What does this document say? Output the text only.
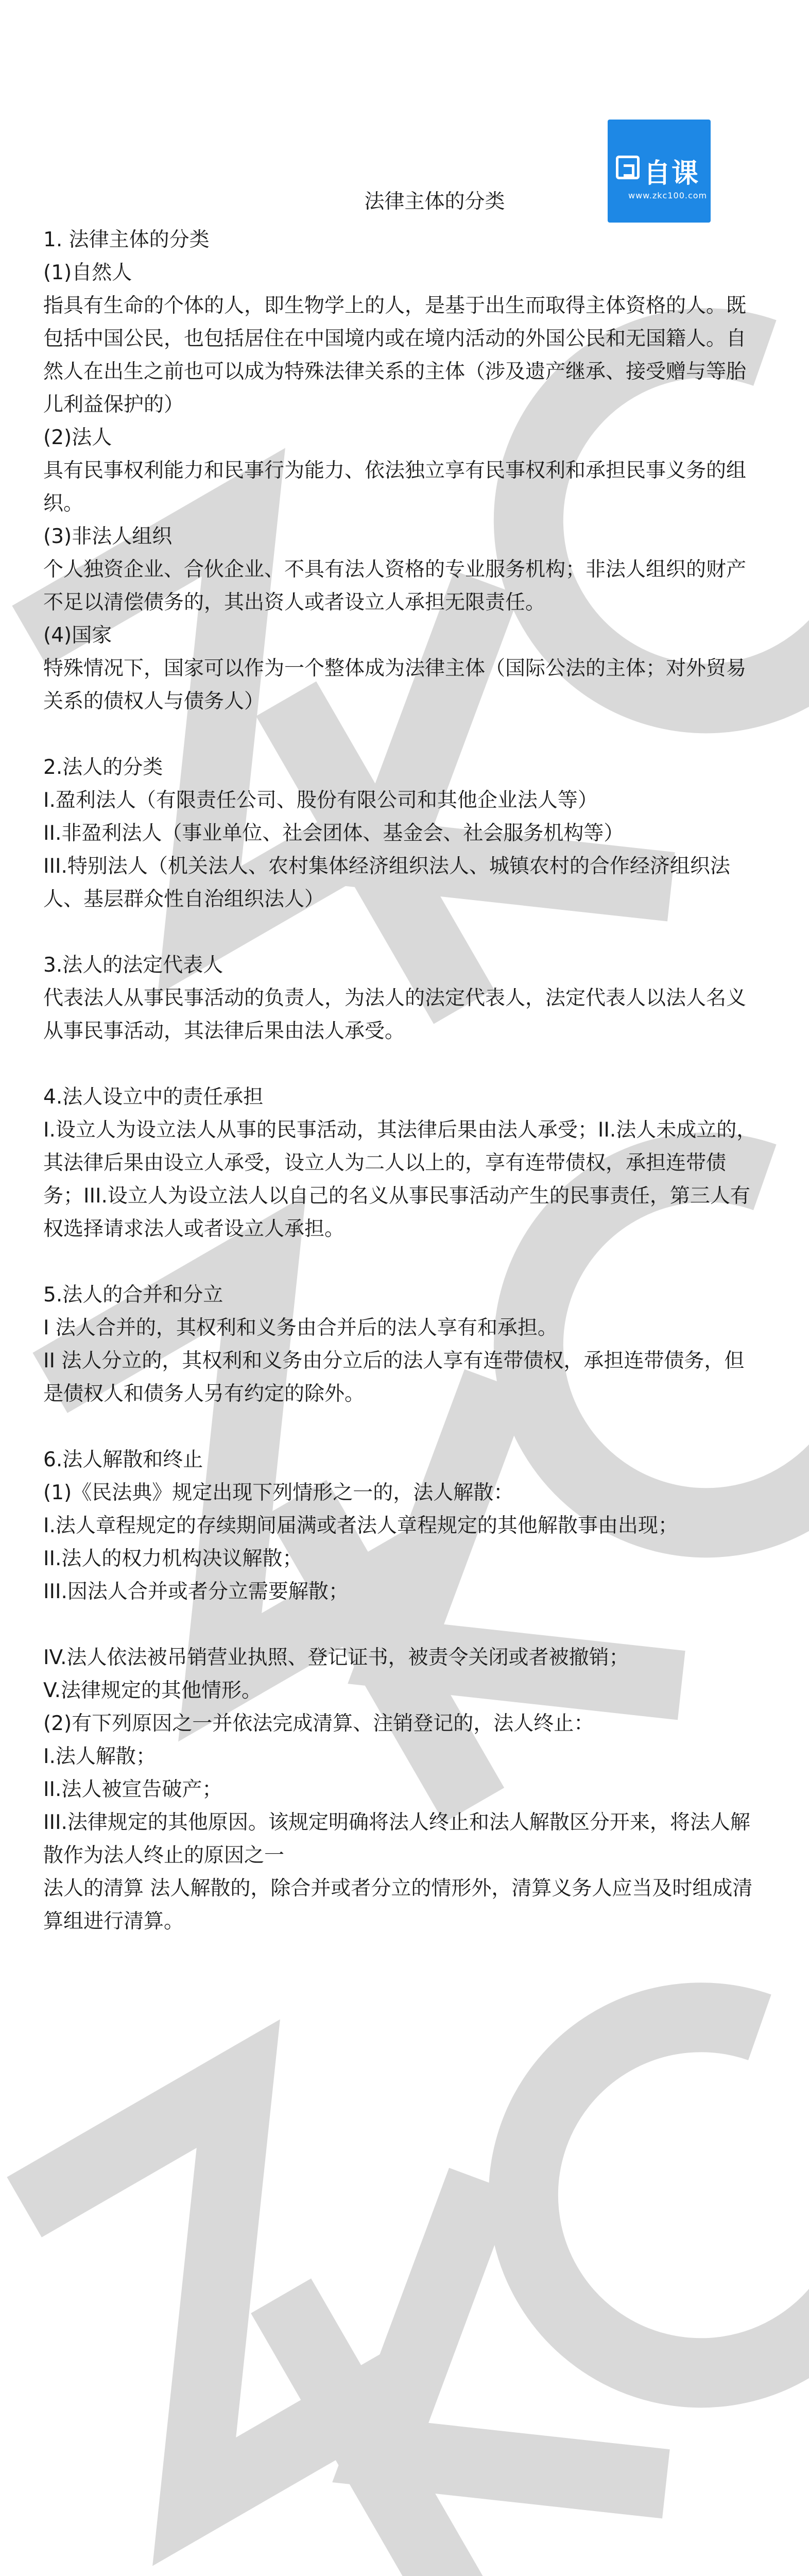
自课
www.zkc100.com
法律主体的分类

1. 法律主体的分类

(1)自然人

指具有生命的个体的人，即生物学上的人，是基于出生而取得主体资格的人。既包括中国公民，也包括居住在中国境内或在境内活动的外国公民和无国籍人。自然人在出生之前也可以成为特殊法律关系的主体（涉及遗产继承、接受赠与等胎儿利益保护的）

(2)法人

具有民事权利能力和民事行为能力、依法独立享有民事权利和承担民事义务的组织。

(3)非法人组织

个人独资企业、合伙企业、不具有法人资格的专业服务机构；非法人组织的财产不足以清偿债务的，其出资人或者设立人承担无限责任。

(4)国家

特殊情况下，国家可以作为一个整体成为法律主体（国际公法的主体；对外贸易关系的债权人与债务人）

2.法人的分类

I.盈利法人（有限责任公司、股份有限公司和其他企业法人等）

II.非盈利法人（事业单位、社会团体、基金会、社会服务机构等）

III.特别法人（机关法人、农村集体经济组织法人、城镇农村的合作经济组织法人、基层群众性自治组织法人）

3.法人的法定代表人

代表法人从事民事活动的负责人，为法人的法定代表人，法定代表人以法人名义从事民事活动，其法律后果由法人承受。

4.法人设立中的责任承担

I.设立人为设立法人从事的民事活动，其法律后果由法人承受；II.法人未成立的，其法律后果由设立人承受，设立人为二人以上的，享有连带债权，承担连带债务；III.设立人为设立法人以自己的名义从事民事活动产生的民事责任，第三人有权选择请求法人或者设立人承担。

5.法人的合并和分立

I 法人合并的，其权利和义务由合并后的法人享有和承担。

II 法人分立的，其权利和义务由分立后的法人享有连带债权，承担连带债务，但是债权人和债务人另有约定的除外。

6.法人解散和终止

(1)《民法典》规定出现下列情形之一的，法人解散：

I.法人章程规定的存续期间届满或者法人章程规定的其他解散事由出现；

II.法人的权力机构决议解散；

III.因法人合并或者分立需要解散；

IV.法人依法被吊销营业执照、登记证书，被责令关闭或者被撤销；

V.法律规定的其他情形。

(2)有下列原因之一并依法完成清算、注销登记的，法人终止：

I.法人解散；

II.法人被宣告破产；

III.法律规定的其他原因。该规定明确将法人终止和法人解散区分开来，将法人解散作为法人终止的原因之一

法人的清算 法人解散的，除合并或者分立的情形外，清算义务人应当及时组成清算组进行清算。
